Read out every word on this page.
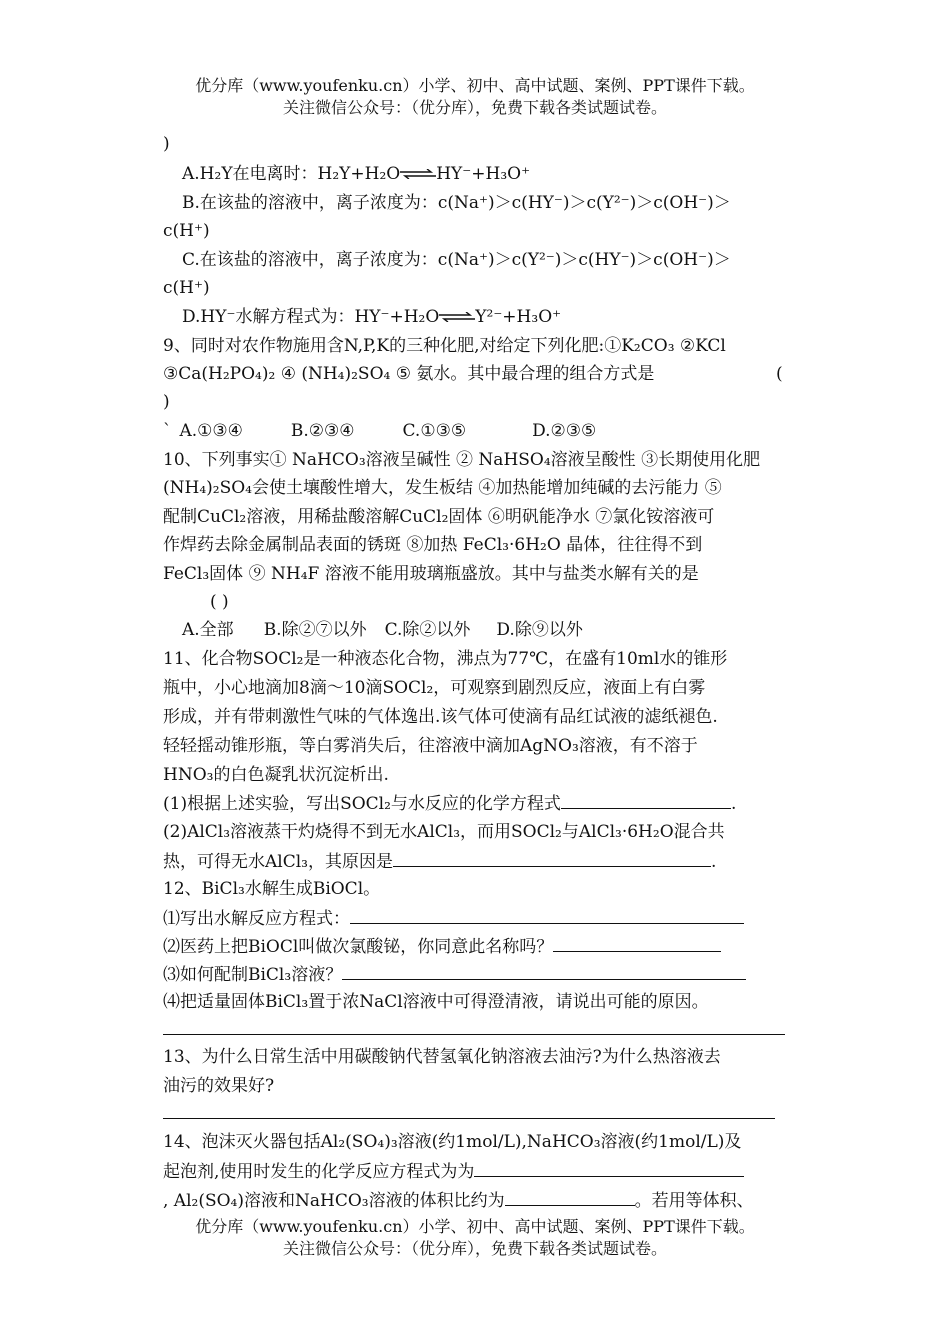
优分库（www.youfenku.cn）小学、初中、高中试题、案例、PPT课件下载。
关注微信公众号：（优分库），免费下载各类试题试卷。
)
A.H₂Y在电离时：H₂Y+H₂O⇌HY⁻+H₃O⁺
B.在该盐的溶液中，离子浓度为：c(Na⁺)＞c(HY⁻)＞c(Y²⁻)＞c(OH⁻)＞
c(H⁺)
C.在该盐的溶液中，离子浓度为：c(Na⁺)＞c(Y²⁻)＞c(HY⁻)＞c(OH⁻)＞
c(H⁺)
D.HY⁻水解方程式为：HY⁻+H₂O⇌Y²⁻+H₃O⁺
9、同时对农作物施用含N,P,K的三种化肥,对给定下列化肥:①K₂CO₃ ②KCl
③Ca(H₂PO₄)₂ ④ (NH₄)₂SO₄ ⑤ 氨水。其中最合理的组合方式是	(
)
` A.①③④	B.②③④	C.①③⑤	D.②③⑤
10、下列事实① NaHCO₃溶液呈碱性 ② NaHSO₄溶液呈酸性 ③长期使用化肥
(NH₄)₂SO₄会使土壤酸性增大，发生板结 ④加热能增加纯碱的去污能力 ⑤
配制CuCl₂溶液，用稀盐酸溶解CuCl₂固体 ⑥明矾能净水 ⑦氯化铵溶液可
作焊药去除金属制品表面的锈斑 ⑧加热 FeCl₃·6H₂O 晶体，往往得不到
FeCl₃固体 ⑨ NH₄F 溶液不能用玻璃瓶盛放。其中与盐类水解有关的是
( )
A.全部 B.除②⑦以外 C.除②以外 D.除⑨以外
11、化合物SOCl₂是一种液态化合物，沸点为77℃，在盛有10ml水的锥形
瓶中，小心地滴加8滴～10滴SOCl₂，可观察到剧烈反应，液面上有白雾
形成，并有带刺激性气味的气体逸出.该气体可使滴有品红试液的滤纸褪色.
轻轻摇动锥形瓶，等白雾消失后，往溶液中滴加AgNO₃溶液，有不溶于
HNO₃的白色凝乳状沉淀析出.
(1)根据上述实验，写出SOCl₂与水反应的化学方程式	.
(2)AlCl₃溶液蒸干灼烧得不到无水AlCl₃，而用SOCl₂与AlCl₃·6H₂O混合共
热，可得无水AlCl₃，其原因是	.
12、BiCl₃水解生成BiOCl。
⑴写出水解反应方程式：
⑵医药上把BiOCl叫做次氯酸铋，你同意此名称吗？
⑶如何配制BiCl₃溶液？
⑷把适量固体BiCl₃置于浓NaCl溶液中可得澄清液，请说出可能的原因。
13、为什么日常生活中用碳酸钠代替氢氧化钠溶液去油污?为什么热溶液去
油污的效果好?
14、泡沫灭火器包括Al₂(SO₄)₃溶液(约1mol/L),NaHCO₃溶液(约1mol/L)及
起泡剂,使用时发生的化学反应方程式为为
, Al₂(SO₄)溶液和NaHCO₃溶液的体积比约为	。若用等体积、
优分库（www.youfenku.cn）小学、初中、高中试题、案例、PPT课件下载。
关注微信公众号：（优分库），免费下载各类试题试卷。
